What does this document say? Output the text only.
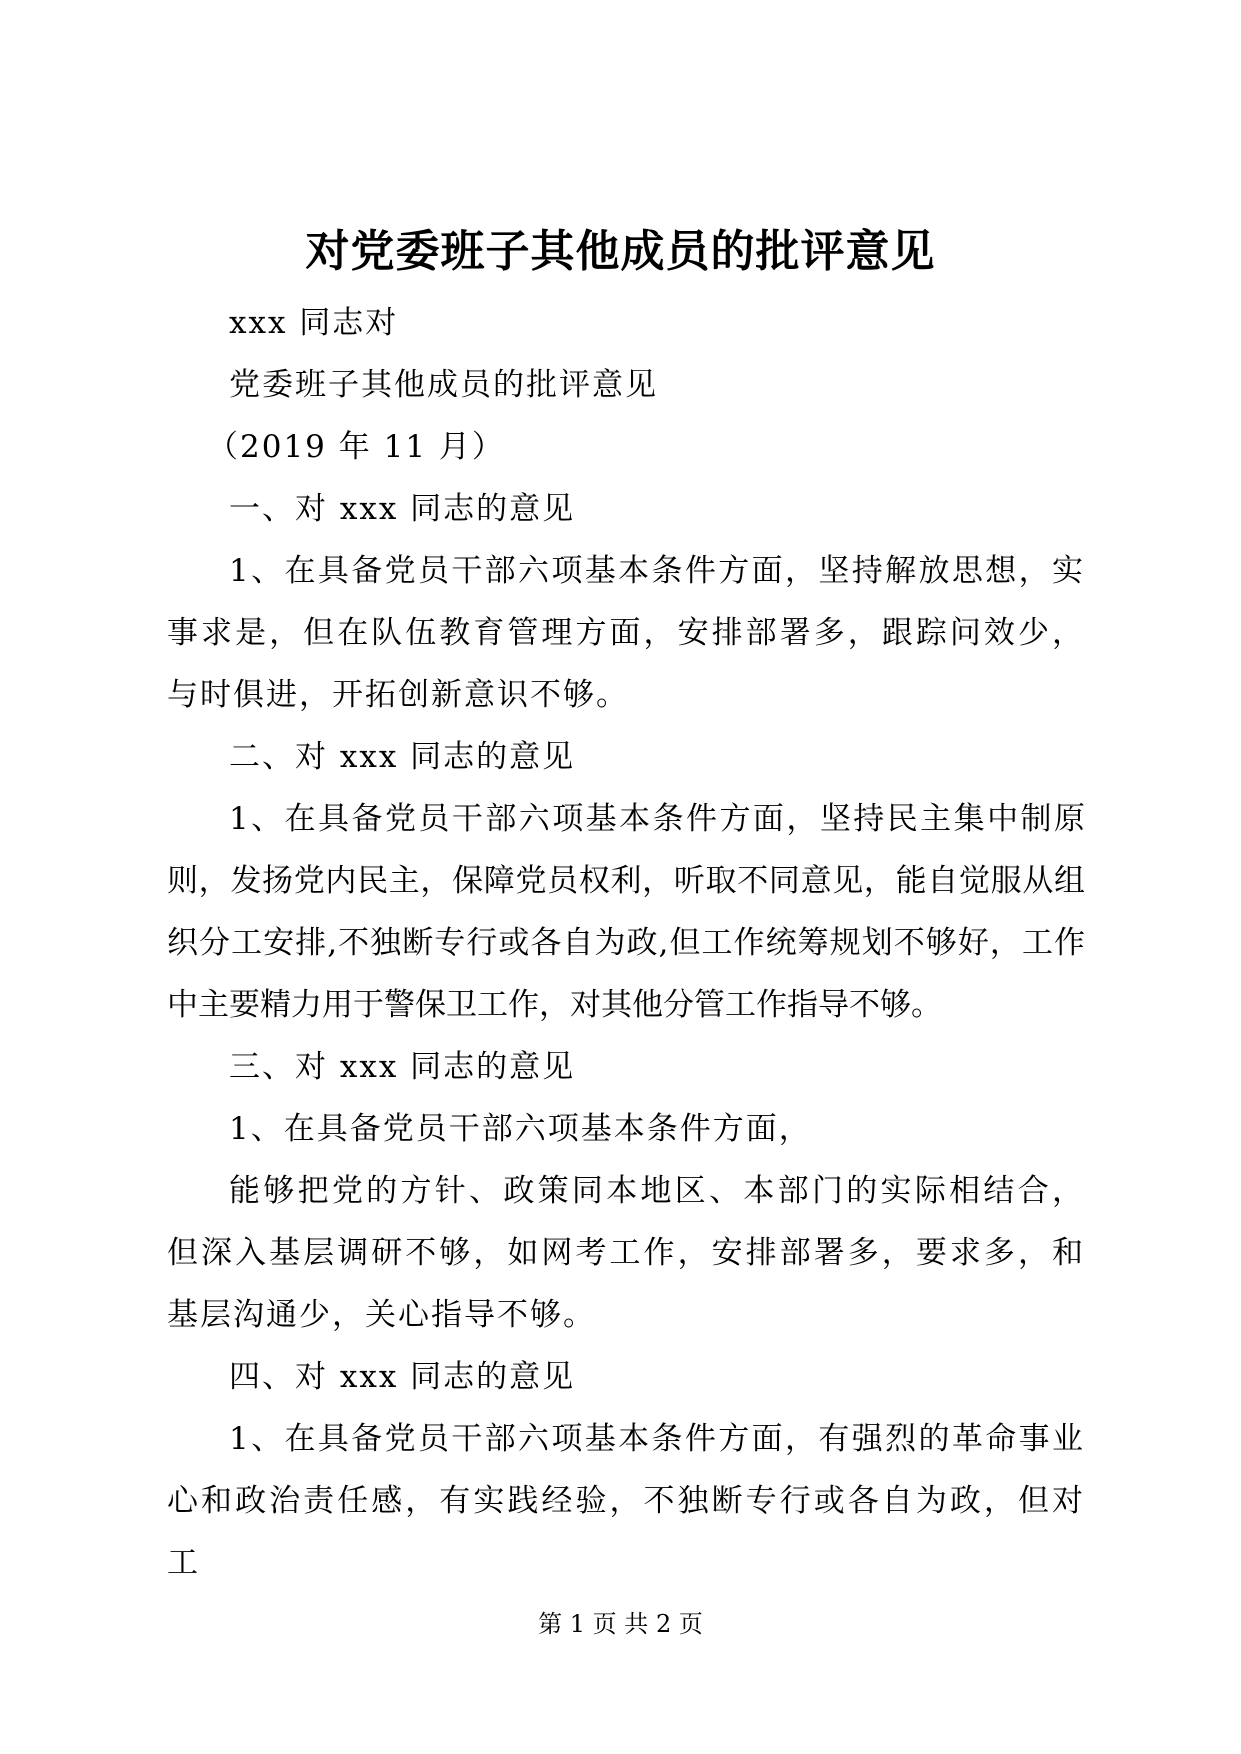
对党委班子其他成员的批评意见

xxx 同志对

党委班子其他成员的批评意见

（2019 年 11 月）

一、对 xxx 同志的意见

1、在具备党员干部六项基本条件方面，坚持解放思想，实事求是，但在队伍教育管理方面，安排部署多，跟踪问效少，与时俱进，开拓创新意识不够。

二、对 xxx 同志的意见

1、在具备党员干部六项基本条件方面，坚持民主集中制原则，发扬党内民主，保障党员权利，听取不同意见，能自觉服从组织分工安排,不独断专行或各自为政,但工作统筹规划不够好，工作中主要精力用于警保卫工作，对其他分管工作指导不够。

三、对 xxx 同志的意见

1、在具备党员干部六项基本条件方面，

能够把党的方针、政策同本地区、本部门的实际相结合，但深入基层调研不够，如网考工作，安排部署多，要求多，和基层沟通少，关心指导不够。

四、对 xxx 同志的意见

1、在具备党员干部六项基本条件方面，有强烈的革命事业心和政治责任感，有实践经验，不独断专行或各自为政，但对工

第 1 页 共 2 页
